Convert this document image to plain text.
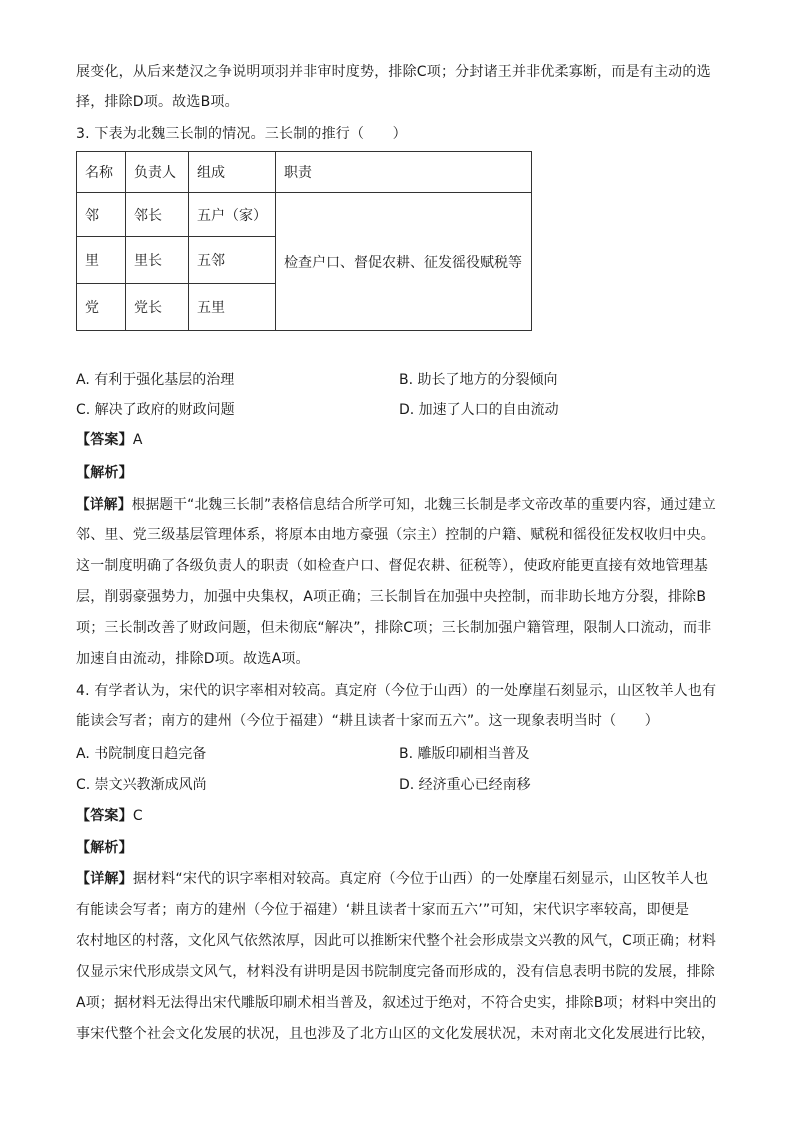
展变化，从后来楚汉之争说明项羽并非审时度势，排除C项；分封诸王并非优柔寡断，而是有主动的选
择，排除D项。故选B项。
3. 下表为北魏三长制的情况。三长制的推行（　　）
名称	负责人	组成	职责
邻	邻长	五户（家）	检查户口、督促农耕、征发徭役赋税等
里	里长	五邻	
党	党长	五里	
A. 有利于强化基层的治理	B. 助长了地方的分裂倾向
C. 解决了政府的财政问题	D. 加速了人口的自由流动
【答案】A
【解析】
【详解】根据题干“北魏三长制”表格信息结合所学可知，北魏三长制是孝文帝改革的重要内容，通过建立
邻、里、党三级基层管理体系，将原本由地方豪强（宗主）控制的户籍、赋税和徭役征发权收归中央。
这一制度明确了各级负责人的职责（如检查户口、督促农耕、征税等），使政府能更直接有效地管理基
层，削弱豪强势力，加强中央集权，A项正确；三长制旨在加强中央控制，而非助长地方分裂，排除B
项；三长制改善了财政问题，但未彻底“解决”，排除C项；三长制加强户籍管理，限制人口流动，而非
加速自由流动，排除D项。故选A项。
4. 有学者认为，宋代的识字率相对较高。真定府（今位于山西）的一处摩崖石刻显示，山区牧羊人也有
能读会写者；南方的建州（今位于福建）“耕且读者十家而五六”。这一现象表明当时（　　）
A. 书院制度日趋完备	B. 雕版印刷相当普及
C. 崇文兴教渐成风尚	D. 经济重心已经南移
【答案】C
【解析】
【详解】据材料“宋代的识字率相对较高。真定府（今位于山西）的一处摩崖石刻显示，山区牧羊人也
有能读会写者；南方的建州（今位于福建）‘耕且读者十家而五六’”可知，宋代识字率较高，即便是
农村地区的村落，文化风气依然浓厚，因此可以推断宋代整个社会形成崇文兴教的风气，C项正确；材料
仅显示宋代形成崇文风气，材料没有讲明是因书院制度完备而形成的，没有信息表明书院的发展，排除
A项；据材料无法得出宋代雕版印刷术相当普及，叙述过于绝对，不符合史实，排除B项；材料中突出的
事宋代整个社会文化发展的状况，且也涉及了北方山区的文化发展状况，未对南北文化发展进行比较，
